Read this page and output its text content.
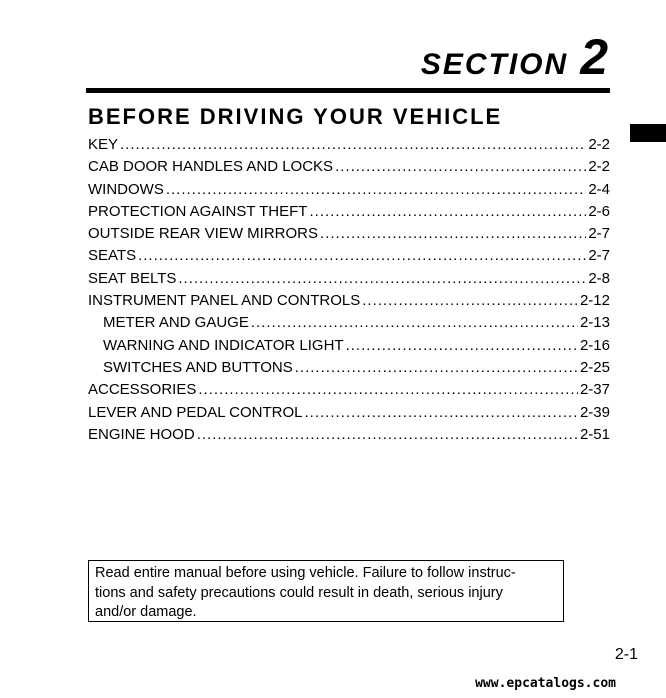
SECTION 2
BEFORE DRIVING YOUR VEHICLE
KEY .....	2-2
CAB DOOR HANDLES AND LOCKS .....	2-2
WINDOWS .....	2-4
PROTECTION AGAINST THEFT .....	2-6
OUTSIDE REAR VIEW MIRRORS .....	2-7
SEATS .....	2-7
SEAT BELTS .....	2-8
INSTRUMENT PANEL AND CONTROLS .....	2-12
METER AND GAUGE .....	2-13
WARNING AND INDICATOR LIGHT .....	2-16
SWITCHES AND BUTTONS .....	2-25
ACCESSORIES .....	2-37
LEVER AND PEDAL CONTROL .....	2-39
ENGINE HOOD .....	2-51
Read entire manual before using vehicle. Failure to follow instruc-
tions and safety precautions could result in death, serious injury
and/or damage.
2-1
www.epcatalogs.com
